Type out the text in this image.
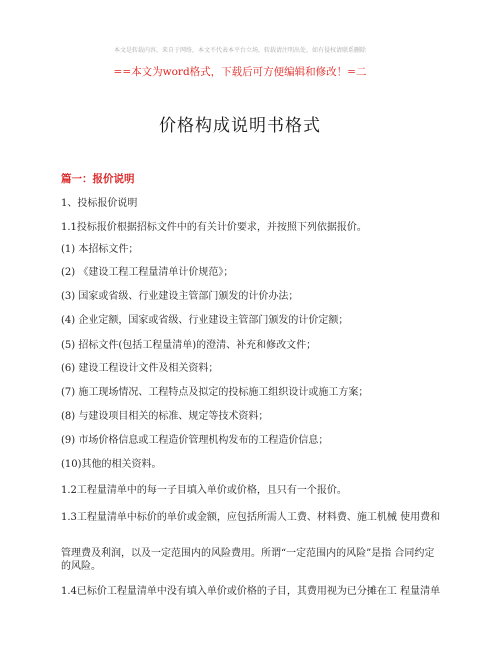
本文是转载内容，来自于网络，本文不代表本平台立场，转载请注明出处，如有侵权请联系删除
==本文为word格式，下载后可方便编辑和修改！=二
价格构成说明书格式
篇一：报价说明
1、投标报价说明
1.1投标报价根据招标文件中的有关计价要求，并按照下列依据报价。
(1) 本招标文件；
(2) 《建设工程工程量清单计价规范》；
(3) 国家或省级、行业建设主管部门颁发的计价办法；
(4) 企业定额，国家或省级、行业建设主管部门颁发的计价定额；
(5) 招标文件(包括工程量清单)的澄清、补充和修改文件；
(6) 建设工程设计文件及相关资料；
(7) 施工现场情况、工程特点及拟定的投标施工组织设计或施工方案；
(8) 与建设项目相关的标准、规定等技术资料；
(9) 市场价格信息或工程造价管理机构发布的工程造价信息；
(10)其他的相关资料。
1.2工程量清单中的每一子目填入单价或价格，且只有一个报价。
1.3工程量清单中标价的单价或金额，应包括所需人工费、材料费、施工机械 使用费和
管理费及利润，以及一定范围内的风险费用。所谓“一定范围内的风险”是指 合同约定的风险。
1.4已标价工程量清单中没有填入单价或价格的子目，其费用视为已分摊在工 程量清单
